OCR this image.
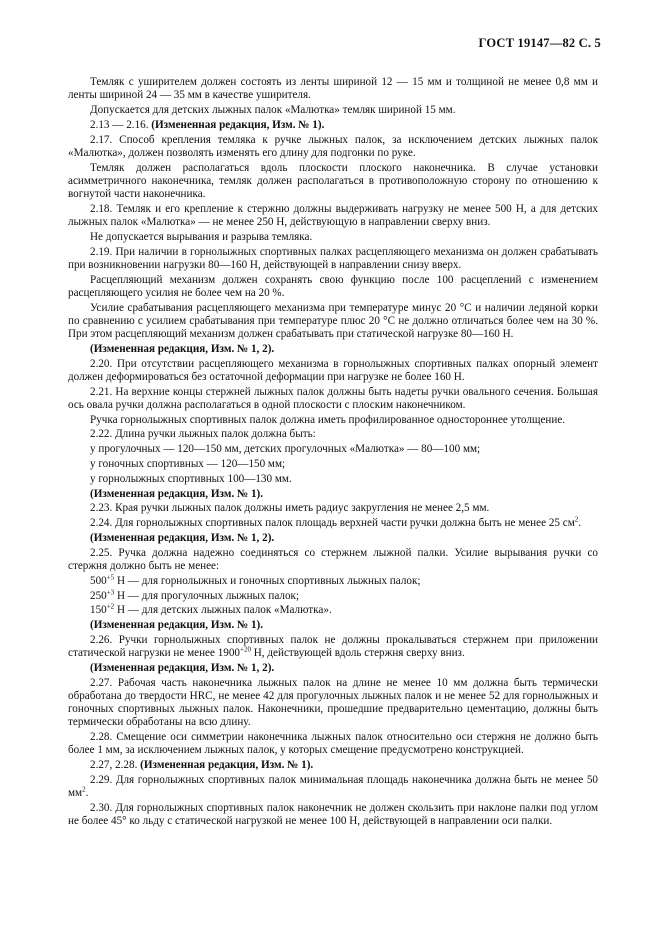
ГОСТ 19147—82 С. 5

Темляк с уширителем должен состоять из ленты шириной 12 — 15 мм и толщиной не менее 0,8 мм и ленты шириной 24 — 35 мм в качестве уширителя.

Допускается для детских лыжных палок «Малютка» темляк шириной 15 мм.

2.13 — 2.16. (Измененная редакция, Изм. № 1).

2.17. Способ крепления темляка к ручке лыжных палок, за исключением детских лыжных палок «Малютка», должен позволять изменять его длину для подгонки по руке.

Темляк должен располагаться вдоль плоскости плоского наконечника. В случае установки асимметричного наконечника, темляк должен располагаться в противоположную сторону по отношению к вогнутой части наконечника.

2.18. Темляк и его крепление к стержню должны выдерживать нагрузку не менее 500 Н, а для детских лыжных палок «Малютка» — не менее 250 Н, действующую в направлении сверху вниз.

Не допускается вырывания и разрыва темляка.

2.19. При наличии в горнолыжных спортивных палках расцепляющего механизма он должен срабатывать при возникновении нагрузки 80—160 Н, действующей в направлении снизу вверх.

Расцепляющий механизм должен сохранять свою функцию после 100 расцеплений с изменением расцепляющего усилия не более чем на 20 %.

Усилие срабатывания расцепляющего механизма при температуре минус 20 °С и наличии ледяной корки по сравнению с усилием срабатывания при температуре плюс 20 °С не должно отличаться более чем на 30 %. При этом расцепляющий механизм должен срабатывать при статической нагрузке 80—160 Н.

(Измененная редакция, Изм. № 1, 2).

2.20. При отсутствии расцепляющего механизма в горнолыжных спортивных палках опорный элемент должен деформироваться без остаточной деформации при нагрузке не более 160 Н.

2.21. На верхние концы стержней лыжных палок должны быть надеты ручки овального сечения. Большая ось овала ручки должна располагаться в одной плоскости с плоским наконечником.

Ручка горнолыжных спортивных палок должна иметь профилированное одностороннее утолщение.

2.22. Длина ручки лыжных палок должна быть:

у прогулочных — 120—150 мм, детских прогулочных «Малютка» — 80—100 мм;

у гоночных спортивных — 120—150 мм;

у горнолыжных спортивных 100—130 мм.

(Измененная редакция, Изм. № 1).

2.23. Края ручки лыжных палок должны иметь радиус закругления не менее 2,5 мм.

2.24. Для горнолыжных спортивных палок площадь верхней части ручки должна быть не менее 25 $см^2$.

(Измененная редакция, Изм. № 1, 2).

2.25. Ручка должна надежно соединяться со стержнем лыжной палки. Усилие вырывания ручки со стержня должно быть не менее:

$500^{+5}$ Н — для горнолыжных и гоночных спортивных лыжных палок;

$250^{+3}$ Н — для прогулочных лыжных палок;

$150^{+2}$ Н — для детских лыжных палок «Малютка».

(Измененная редакция, Изм. № 1).

2.26. Ручки горнолыжных спортивных палок не должны прокалываться стержнем при приложении статической нагрузки не менее $1900^{+20}$ Н, действующей вдоль стержня сверху вниз.

(Измененная редакция, Изм. № 1, 2).

2.27. Рабочая часть наконечника лыжных палок на длине не менее 10 мм должна быть термически обработана до твердости HRC, не менее 42 для прогулочных лыжных палок и не менее 52 для горнолыжных и гоночных спортивных лыжных палок. Наконечники, прошедшие предварительно цементацию, должны быть термически обработаны на всю длину.

2.28. Смещение оси симметрии наконечника лыжных палок относительно оси стержня не должно быть более 1 мм, за исключением лыжных палок, у которых смещение предусмотрено конструкцией.

2.27, 2.28. (Измененная редакция, Изм. № 1).

2.29. Для горнолыжных спортивных палок минимальная площадь наконечника должна быть не менее 50 $мм^2$.

2.30. Для горнолыжных спортивных палок наконечник не должен скользить при наклоне палки под углом не более 45° ко льду с статической нагрузкой не менее 100 Н, действующей в направлении оси палки.
